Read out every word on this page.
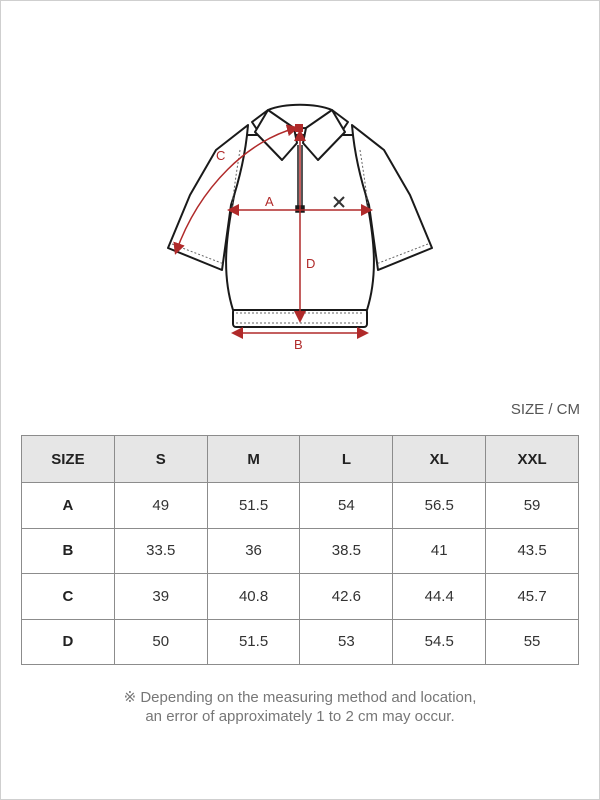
A
D
B
C
SIZE / CM
SIZE	S	M	L	XL	XXL
A	49	51.5	54	56.5	59
B	33.5	36	38.5	41	43.5
C	39	40.8	42.6	44.4	45.7
D	50	51.5	53	54.5	55
※ Depending on the measuring method and location,
an error of approximately 1 to 2 cm may occur.
